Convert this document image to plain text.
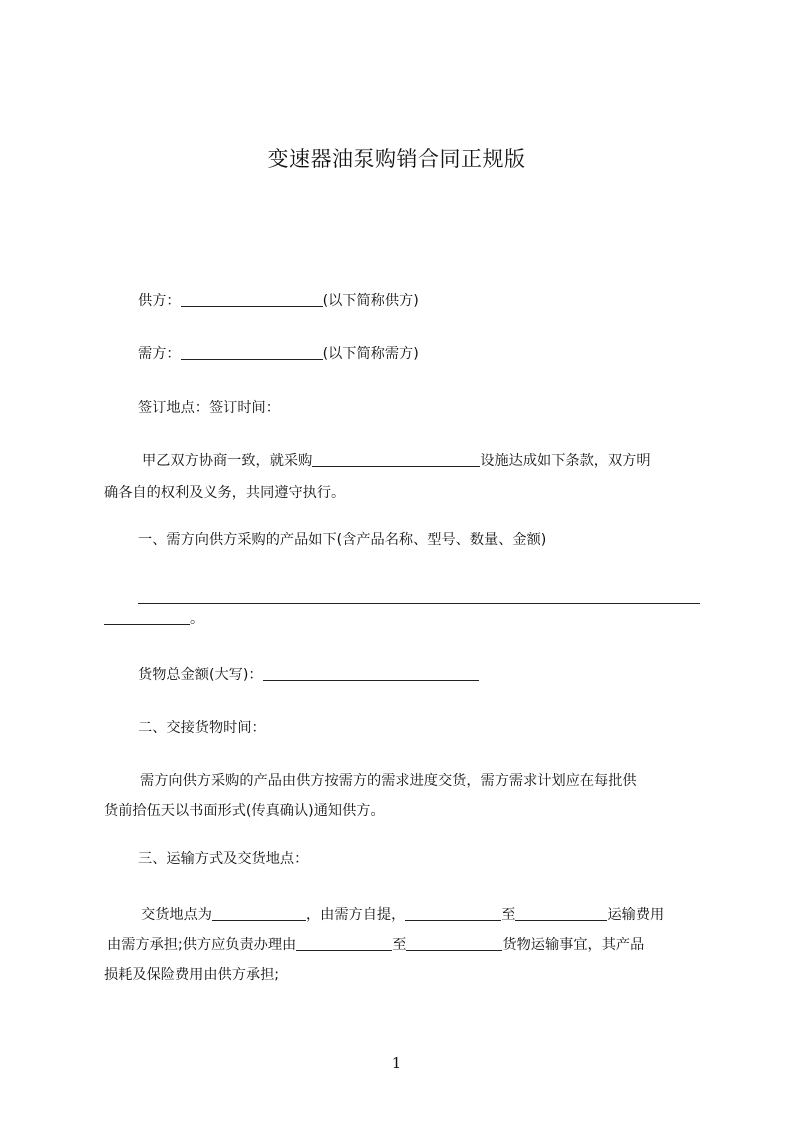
变速器油泵购销合同正规版
供方：	(以下简称供方)
需方：	(以下简称需方)
签订地点：签订时间：
甲乙双方协商一致，就采购	设施达成如下条款，双方明
确各自的权利及义务，共同遵守执行。
一、需方向供方采购的产品如下(含产品名称、型号、数量、金额)
。
货物总金额(大写)：
二、交接货物时间：
需方向供方采购的产品由供方按需方的需求进度交货，需方需求计划应在每批供
货前拾伍天以书面形式(传真确认)通知供方。
三、运输方式及交货地点：
交货地点为	，由需方自提，	至	运输费用
由需方承担;供方应负责办理由	至	货物运输事宜，其产品
损耗及保险费用由供方承担;
1
